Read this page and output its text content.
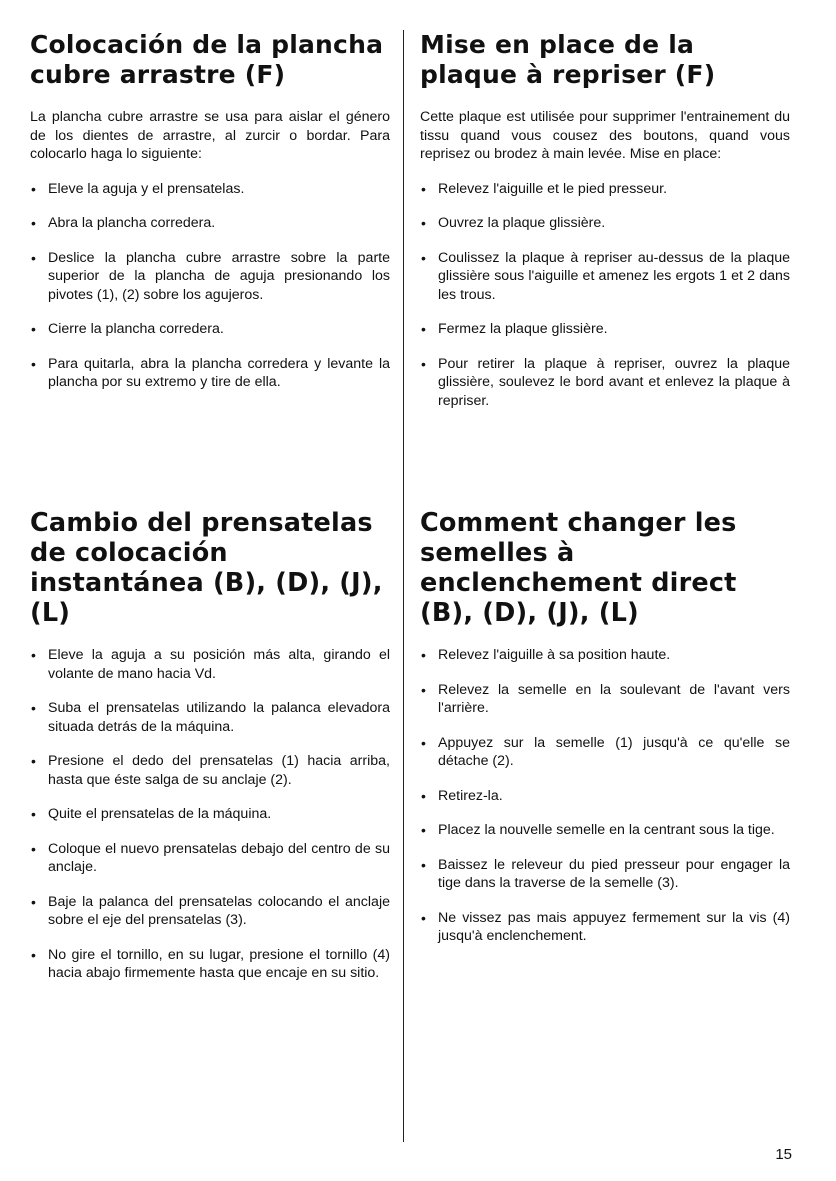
Colocación de la plancha cubre arrastre (F)

La plancha cubre arrastre se usa para aislar el género de los dientes de arrastre, al zurcir o bordar. Para colocarlo haga lo siguiente:

• Eleve la aguja y el prensatelas.
• Abra la plancha corredera.
• Deslice la plancha cubre arrastre sobre la parte superior de la plancha de aguja presionando los pivotes (1), (2) sobre los agujeros.
• Cierre la plancha corredera.
• Para quitarla, abra la plancha corredera y levante la plancha por su extremo y tire de ella.
Mise en place de la plaque à repriser (F)

Cette plaque est utilisée pour supprimer l'entrainement du tissu quand vous cousez des boutons, quand vous reprisez ou brodez à main levée. Mise en place:

• Relevez l'aiguille et le pied presseur.
• Ouvrez la plaque glissière.
• Coulissez la plaque à repriser au-dessus de la plaque glissière sous l'aiguille et amenez les ergots 1 et 2 dans les trous.
• Fermez la plaque glissière.
• Pour retirer la plaque à repriser, ouvrez la plaque glissière, soulevez le bord avant et enlevez la plaque à repriser.
Cambio del prensatelas de colocación instantánea (B), (D), (J), (L)
• Eleve la aguja a su posición más alta, girando el volante de mano hacia Vd.
• Suba el prensatelas utilizando la palanca elevadora situada detrás de la máquina.
• Presione el dedo del prensatelas (1) hacia arriba, hasta que éste salga de su anclaje (2).
• Quite el prensatelas de la máquina.
• Coloque el nuevo prensatelas debajo del centro de su anclaje.
• Baje la palanca del prensatelas colocando el anclaje sobre el eje del prensatelas (3).
• No gire el tornillo, en su lugar, presione el tornillo (4) hacia abajo firmemente hasta que encaje en su sitio.
Comment changer les semelles à enclenchement direct (B), (D), (J), (L)
• Relevez l'aiguille à sa position haute.
• Relevez la semelle en la soulevant de l'avant vers l'arrière.
• Appuyez sur la semelle (1) jusqu'à ce qu'elle se détache (2).
• Retirez-la.
• Placez la nouvelle semelle en la centrant sous la tige.
• Baissez le releveur du pied presseur pour engager la tige dans la traverse de la semelle (3).
• Ne vissez pas mais appuyez fermement sur la vis (4) jusqu'à enclenchement.
15
